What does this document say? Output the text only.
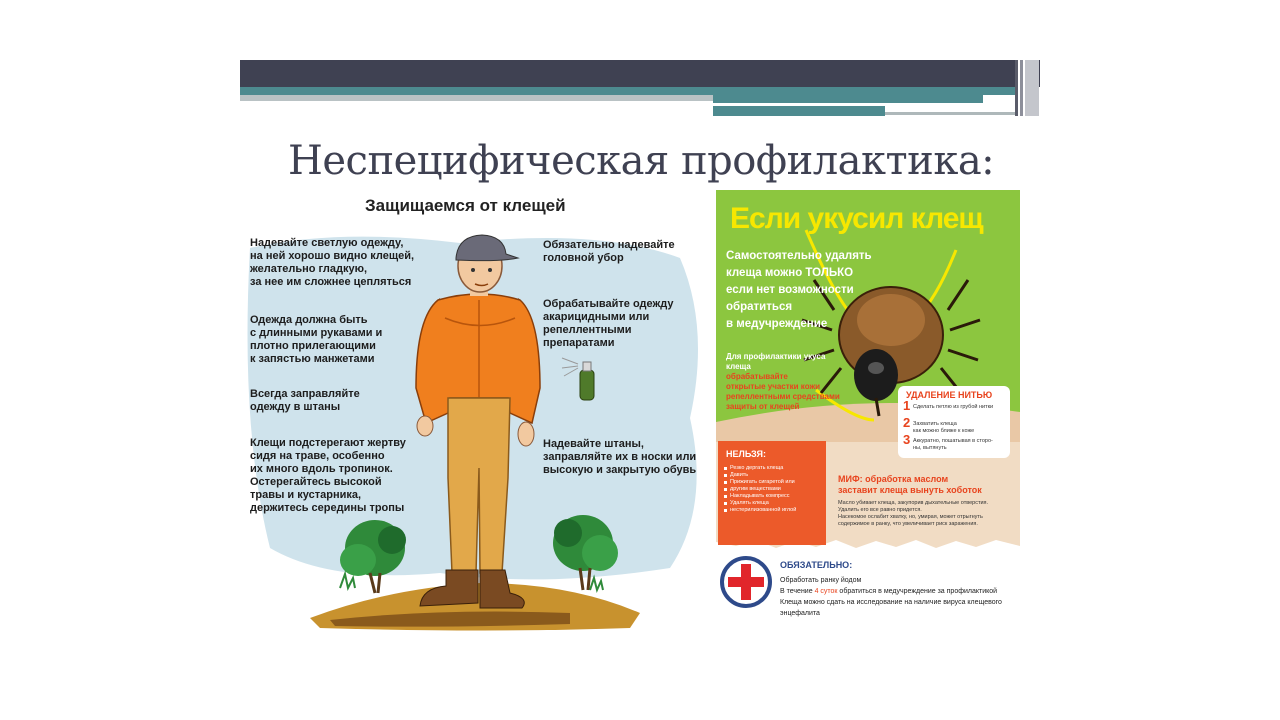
Неспецифическая профилактика:
Защищаемся от клещей
Надевайте светлую одежду,
на ней хорошо видно клещей,
желательно гладкую,
за нее им сложнее цепляться
Одежда должна быть
с длинными рукавами и
плотно прилегающими
к запястью манжетами
Всегда заправляйте
одежду в штаны
Клещи подстерегают жертву
сидя на траве, особенно
их много вдоль тропинок.
Остерегайтесь высокой
травы и кустарника,
держитесь середины тропы
Обязательно надевайте
головной убор
Обрабатывайте одежду
акарицидными или
репеллентными
препаратами
Надевайте штаны,
заправляйте их в носки или
высокую и закрытую обувь
Если укусил клещ
Самостоятельно удалять
клеща можно ТОЛЬКО
если нет возможности
обратиться
в медучреждение
Для профилактики укуса
клеща
обрабатывайте
открытые участки кожи
репеллентными средствами
защиты от клещей
УДАЛЕНИЕ НИТЬЮ
1 Сделать петлю из грубой нитки
2 Захватить клеща
как можно ближе к коже
3 Аккуратно, пошатывая в сторо-
ны, вытянуть
НЕЛЬЗЯ:
Резко дергать клеща
Давить
Прижигать сигаретой или
другим веществами
Накладывать компресс
Удалять клеща
нестерилизованной иглой
МИФ: обработка маслом
заставит клеща вынуть хоботок
Масло убивает клеща, закупорив дыхательные отверстия.
Удалить его все равно придется.
Насекомое ослабит хватку, но, умирая, может отрыгнуть
содержимое в ранку, что увеличивает риск заражения.
ОБЯЗАТЕЛЬНО:
Обработать ранку йодом
В течение 4 суток обратиться в медучреждение за профилактикой
Клеща можно сдать на исследование на наличие вируса клещевого
энцефалита
